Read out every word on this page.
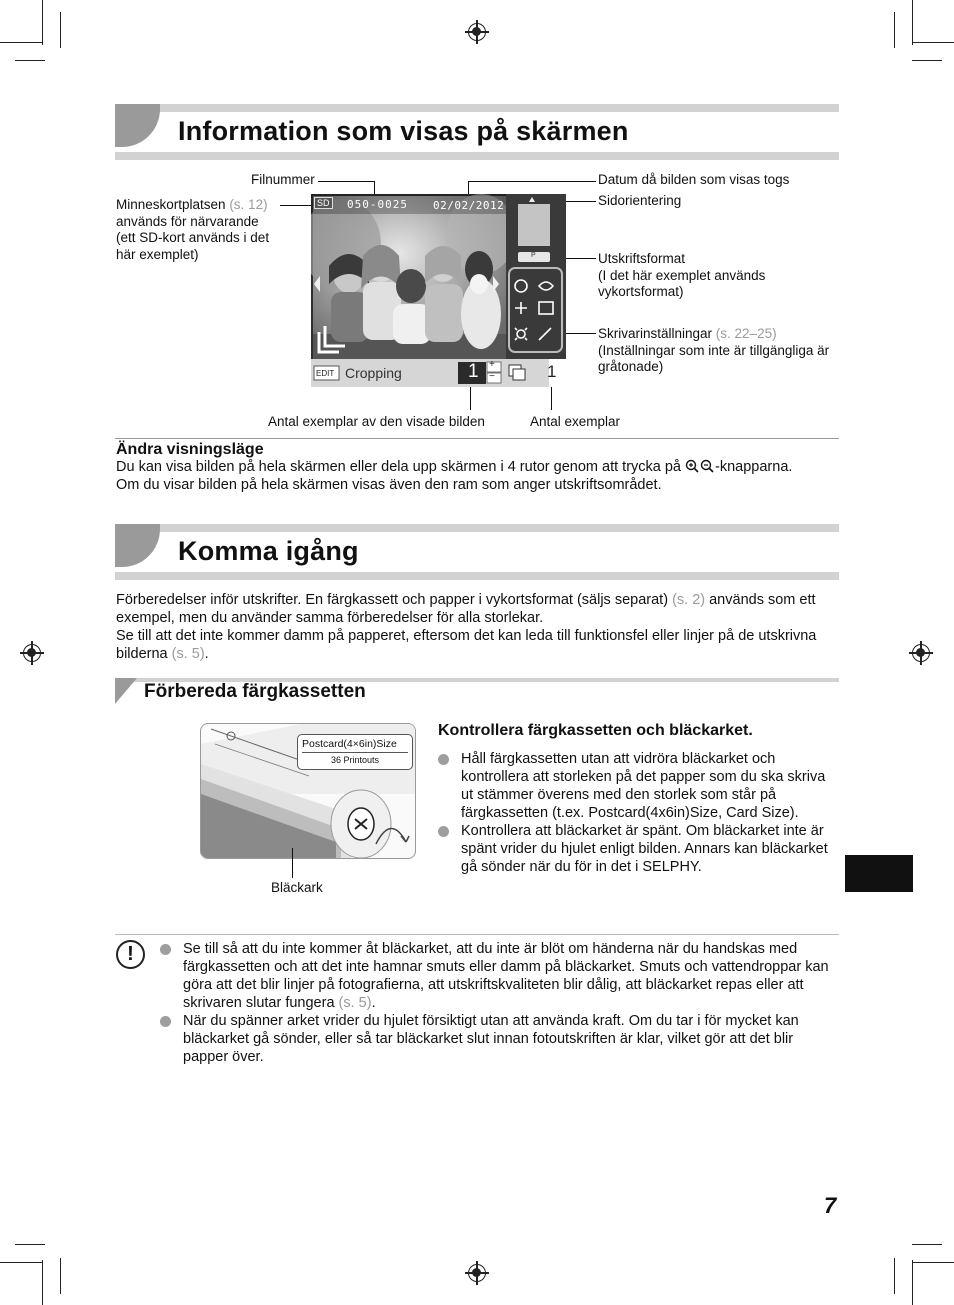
Information som visas på skärmen
Filnummer	Datum då bilden som visas togs
Sidorientering
Minneskortplatsen (s. 12) används för närvarande (ett SD-kort används i det här exemplet)	Utskriftsformat
(I det här exemplet används vykortsformat)
Skrivarinställningar (s. 22–25)
(Inställningar som inte är tillgängliga är gråtonade)
Antal exemplar av den visade bilden	Antal exemplar
SD 050-0025 02/02/2012
P
EDIT Cropping	1 +
−	1
Ändra visningsläge
Du kan visa bilden på hela skärmen eller dela upp skärmen i 4 rutor genom att trycka på -knapparna.
Om du visar bilden på hela skärmen visas även den ram som anger utskriftsområdet.
Komma igång
Förberedelser inför utskrifter. En färgkassett och papper i vykortsformat (säljs separat) (s. 2) används som ett exempel, men du använder samma förberedelser för alla storlekar.
Se till att det inte kommer damm på papperet, eftersom det kan leda till funktionsfel eller linjer på de utskrivna bilderna (s. 5).
Förbereda färgkassetten
Postcard(4×6in)Size
36 Printouts
Bläckark
Kontrollera färgkassetten och bläckarket.
Håll färgkassetten utan att vidröra bläckarket och kontrollera att storleken på det papper som du ska skriva ut stämmer överens med den storlek som står på färgkassetten (t.ex. Postcard(4x6in)Size, Card Size).
Kontrollera att bläckarket är spänt. Om bläckarket inte är spänt vrider du hjulet enligt bilden. Annars kan bläckarket gå sönder när du för in det i SELPHY.
!	Se till så att du inte kommer åt bläckarket, att du inte är blöt om händerna när du handskas med färgkassetten och att det inte hamnar smuts eller damm på bläckarket. Smuts och vattendroppar kan göra att det blir linjer på fotografierna, att utskriftskvaliteten blir dålig, att bläckarket repas eller att skrivaren slutar fungera (s. 5).
När du spänner arket vrider du hjulet försiktigt utan att använda kraft. Om du tar i för mycket kan bläckarket gå sönder, eller så tar bläckarket slut innan fotoutskriften är klar, vilket gör att det blir papper över.
7
